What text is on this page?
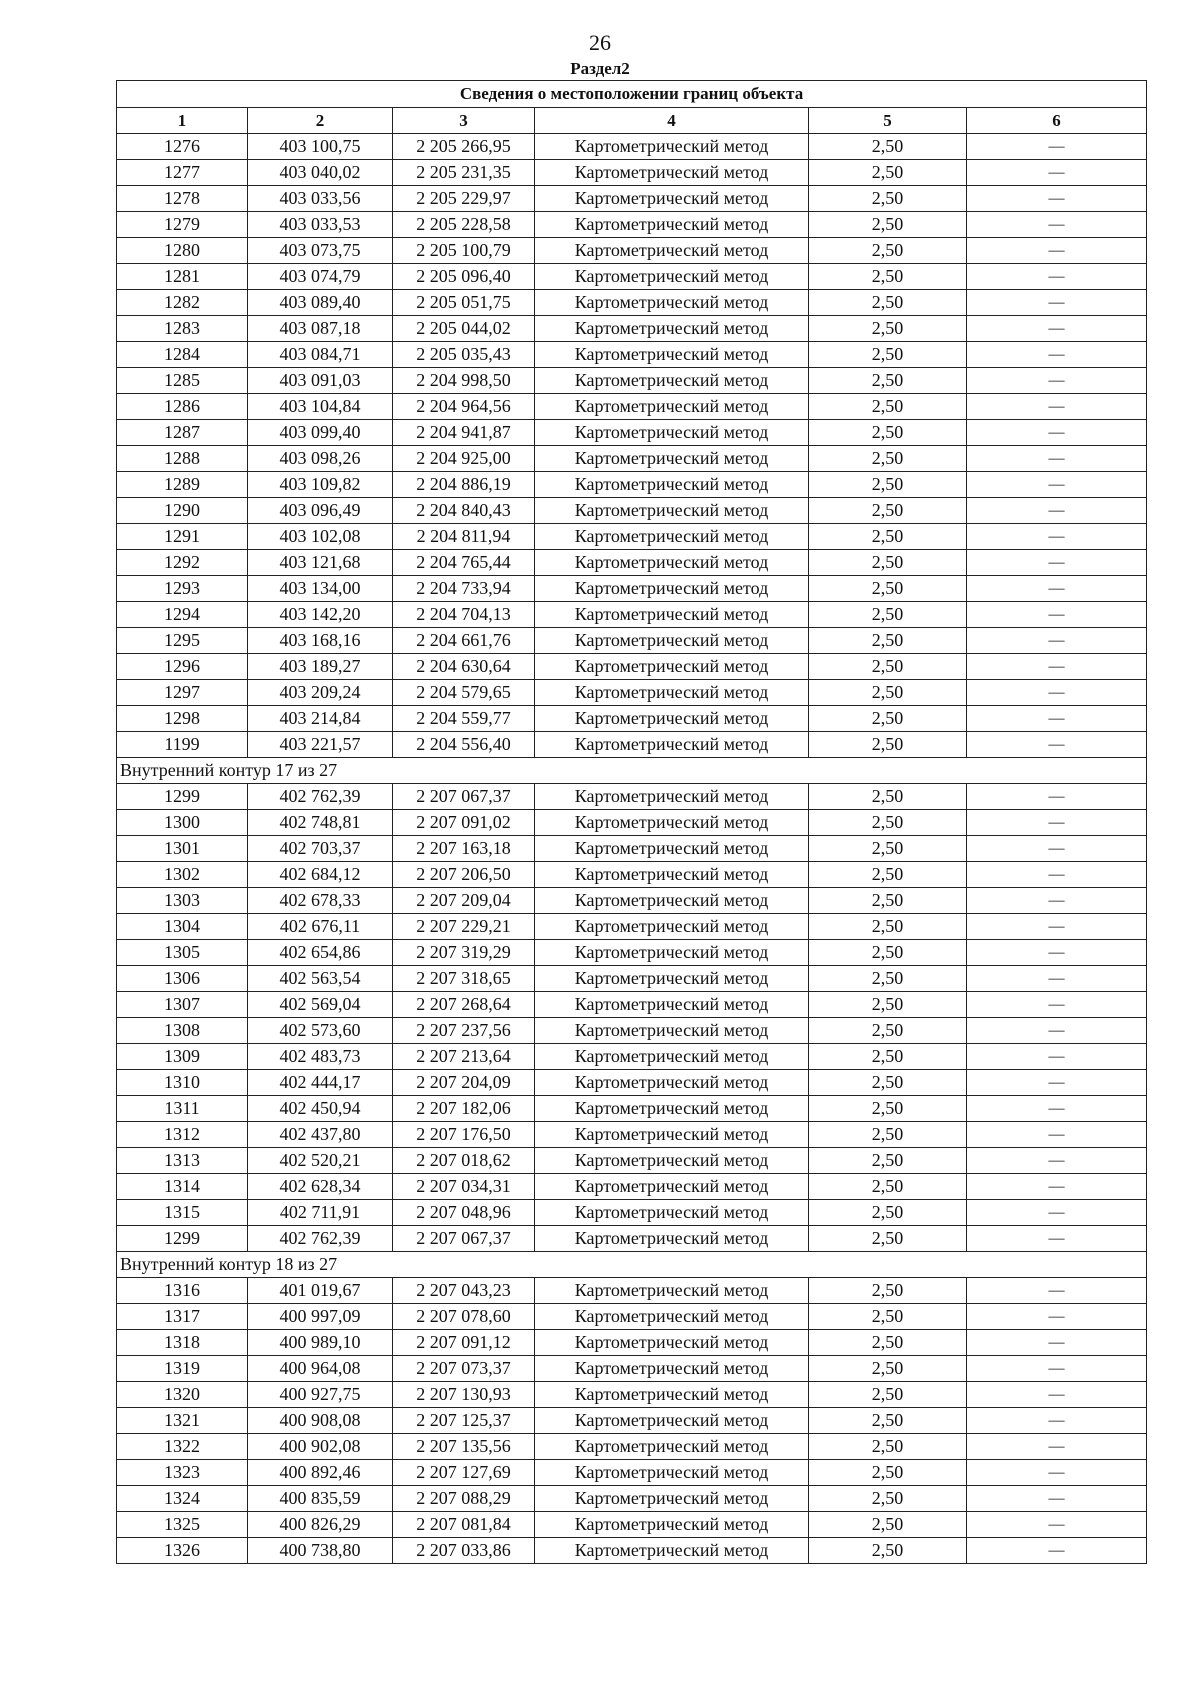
26
Раздел2
Сведения о местоположении границ объекта					
1	2	3	4	5	6
1276	403 100,75	2 205 266,95	Картометрический метод	2,50	—
1277	403 040,02	2 205 231,35	Картометрический метод	2,50	—
1278	403 033,56	2 205 229,97	Картометрический метод	2,50	—
1279	403 033,53	2 205 228,58	Картометрический метод	2,50	—
1280	403 073,75	2 205 100,79	Картометрический метод	2,50	—
1281	403 074,79	2 205 096,40	Картометрический метод	2,50	—
1282	403 089,40	2 205 051,75	Картометрический метод	2,50	—
1283	403 087,18	2 205 044,02	Картометрический метод	2,50	—
1284	403 084,71	2 205 035,43	Картометрический метод	2,50	—
1285	403 091,03	2 204 998,50	Картометрический метод	2,50	—
1286	403 104,84	2 204 964,56	Картометрический метод	2,50	—
1287	403 099,40	2 204 941,87	Картометрический метод	2,50	—
1288	403 098,26	2 204 925,00	Картометрический метод	2,50	—
1289	403 109,82	2 204 886,19	Картометрический метод	2,50	—
1290	403 096,49	2 204 840,43	Картометрический метод	2,50	—
1291	403 102,08	2 204 811,94	Картометрический метод	2,50	—
1292	403 121,68	2 204 765,44	Картометрический метод	2,50	—
1293	403 134,00	2 204 733,94	Картометрический метод	2,50	—
1294	403 142,20	2 204 704,13	Картометрический метод	2,50	—
1295	403 168,16	2 204 661,76	Картометрический метод	2,50	—
1296	403 189,27	2 204 630,64	Картометрический метод	2,50	—
1297	403 209,24	2 204 579,65	Картометрический метод	2,50	—
1298	403 214,84	2 204 559,77	Картометрический метод	2,50	—
1199	403 221,57	2 204 556,40	Картометрический метод	2,50	—
Внутренний контур 17 из 27					
1299	402 762,39	2 207 067,37	Картометрический метод	2,50	—
1300	402 748,81	2 207 091,02	Картометрический метод	2,50	—
1301	402 703,37	2 207 163,18	Картометрический метод	2,50	—
1302	402 684,12	2 207 206,50	Картометрический метод	2,50	—
1303	402 678,33	2 207 209,04	Картометрический метод	2,50	—
1304	402 676,11	2 207 229,21	Картометрический метод	2,50	—
1305	402 654,86	2 207 319,29	Картометрический метод	2,50	—
1306	402 563,54	2 207 318,65	Картометрический метод	2,50	—
1307	402 569,04	2 207 268,64	Картометрический метод	2,50	—
1308	402 573,60	2 207 237,56	Картометрический метод	2,50	—
1309	402 483,73	2 207 213,64	Картометрический метод	2,50	—
1310	402 444,17	2 207 204,09	Картометрический метод	2,50	—
1311	402 450,94	2 207 182,06	Картометрический метод	2,50	—
1312	402 437,80	2 207 176,50	Картометрический метод	2,50	—
1313	402 520,21	2 207 018,62	Картометрический метод	2,50	—
1314	402 628,34	2 207 034,31	Картометрический метод	2,50	—
1315	402 711,91	2 207 048,96	Картометрический метод	2,50	—
1299	402 762,39	2 207 067,37	Картометрический метод	2,50	—
Внутренний контур 18 из 27					
1316	401 019,67	2 207 043,23	Картометрический метод	2,50	—
1317	400 997,09	2 207 078,60	Картометрический метод	2,50	—
1318	400 989,10	2 207 091,12	Картометрический метод	2,50	—
1319	400 964,08	2 207 073,37	Картометрический метод	2,50	—
1320	400 927,75	2 207 130,93	Картометрический метод	2,50	—
1321	400 908,08	2 207 125,37	Картометрический метод	2,50	—
1322	400 902,08	2 207 135,56	Картометрический метод	2,50	—
1323	400 892,46	2 207 127,69	Картометрический метод	2,50	—
1324	400 835,59	2 207 088,29	Картометрический метод	2,50	—
1325	400 826,29	2 207 081,84	Картометрический метод	2,50	—
1326	400 738,80	2 207 033,86	Картометрический метод	2,50	—
